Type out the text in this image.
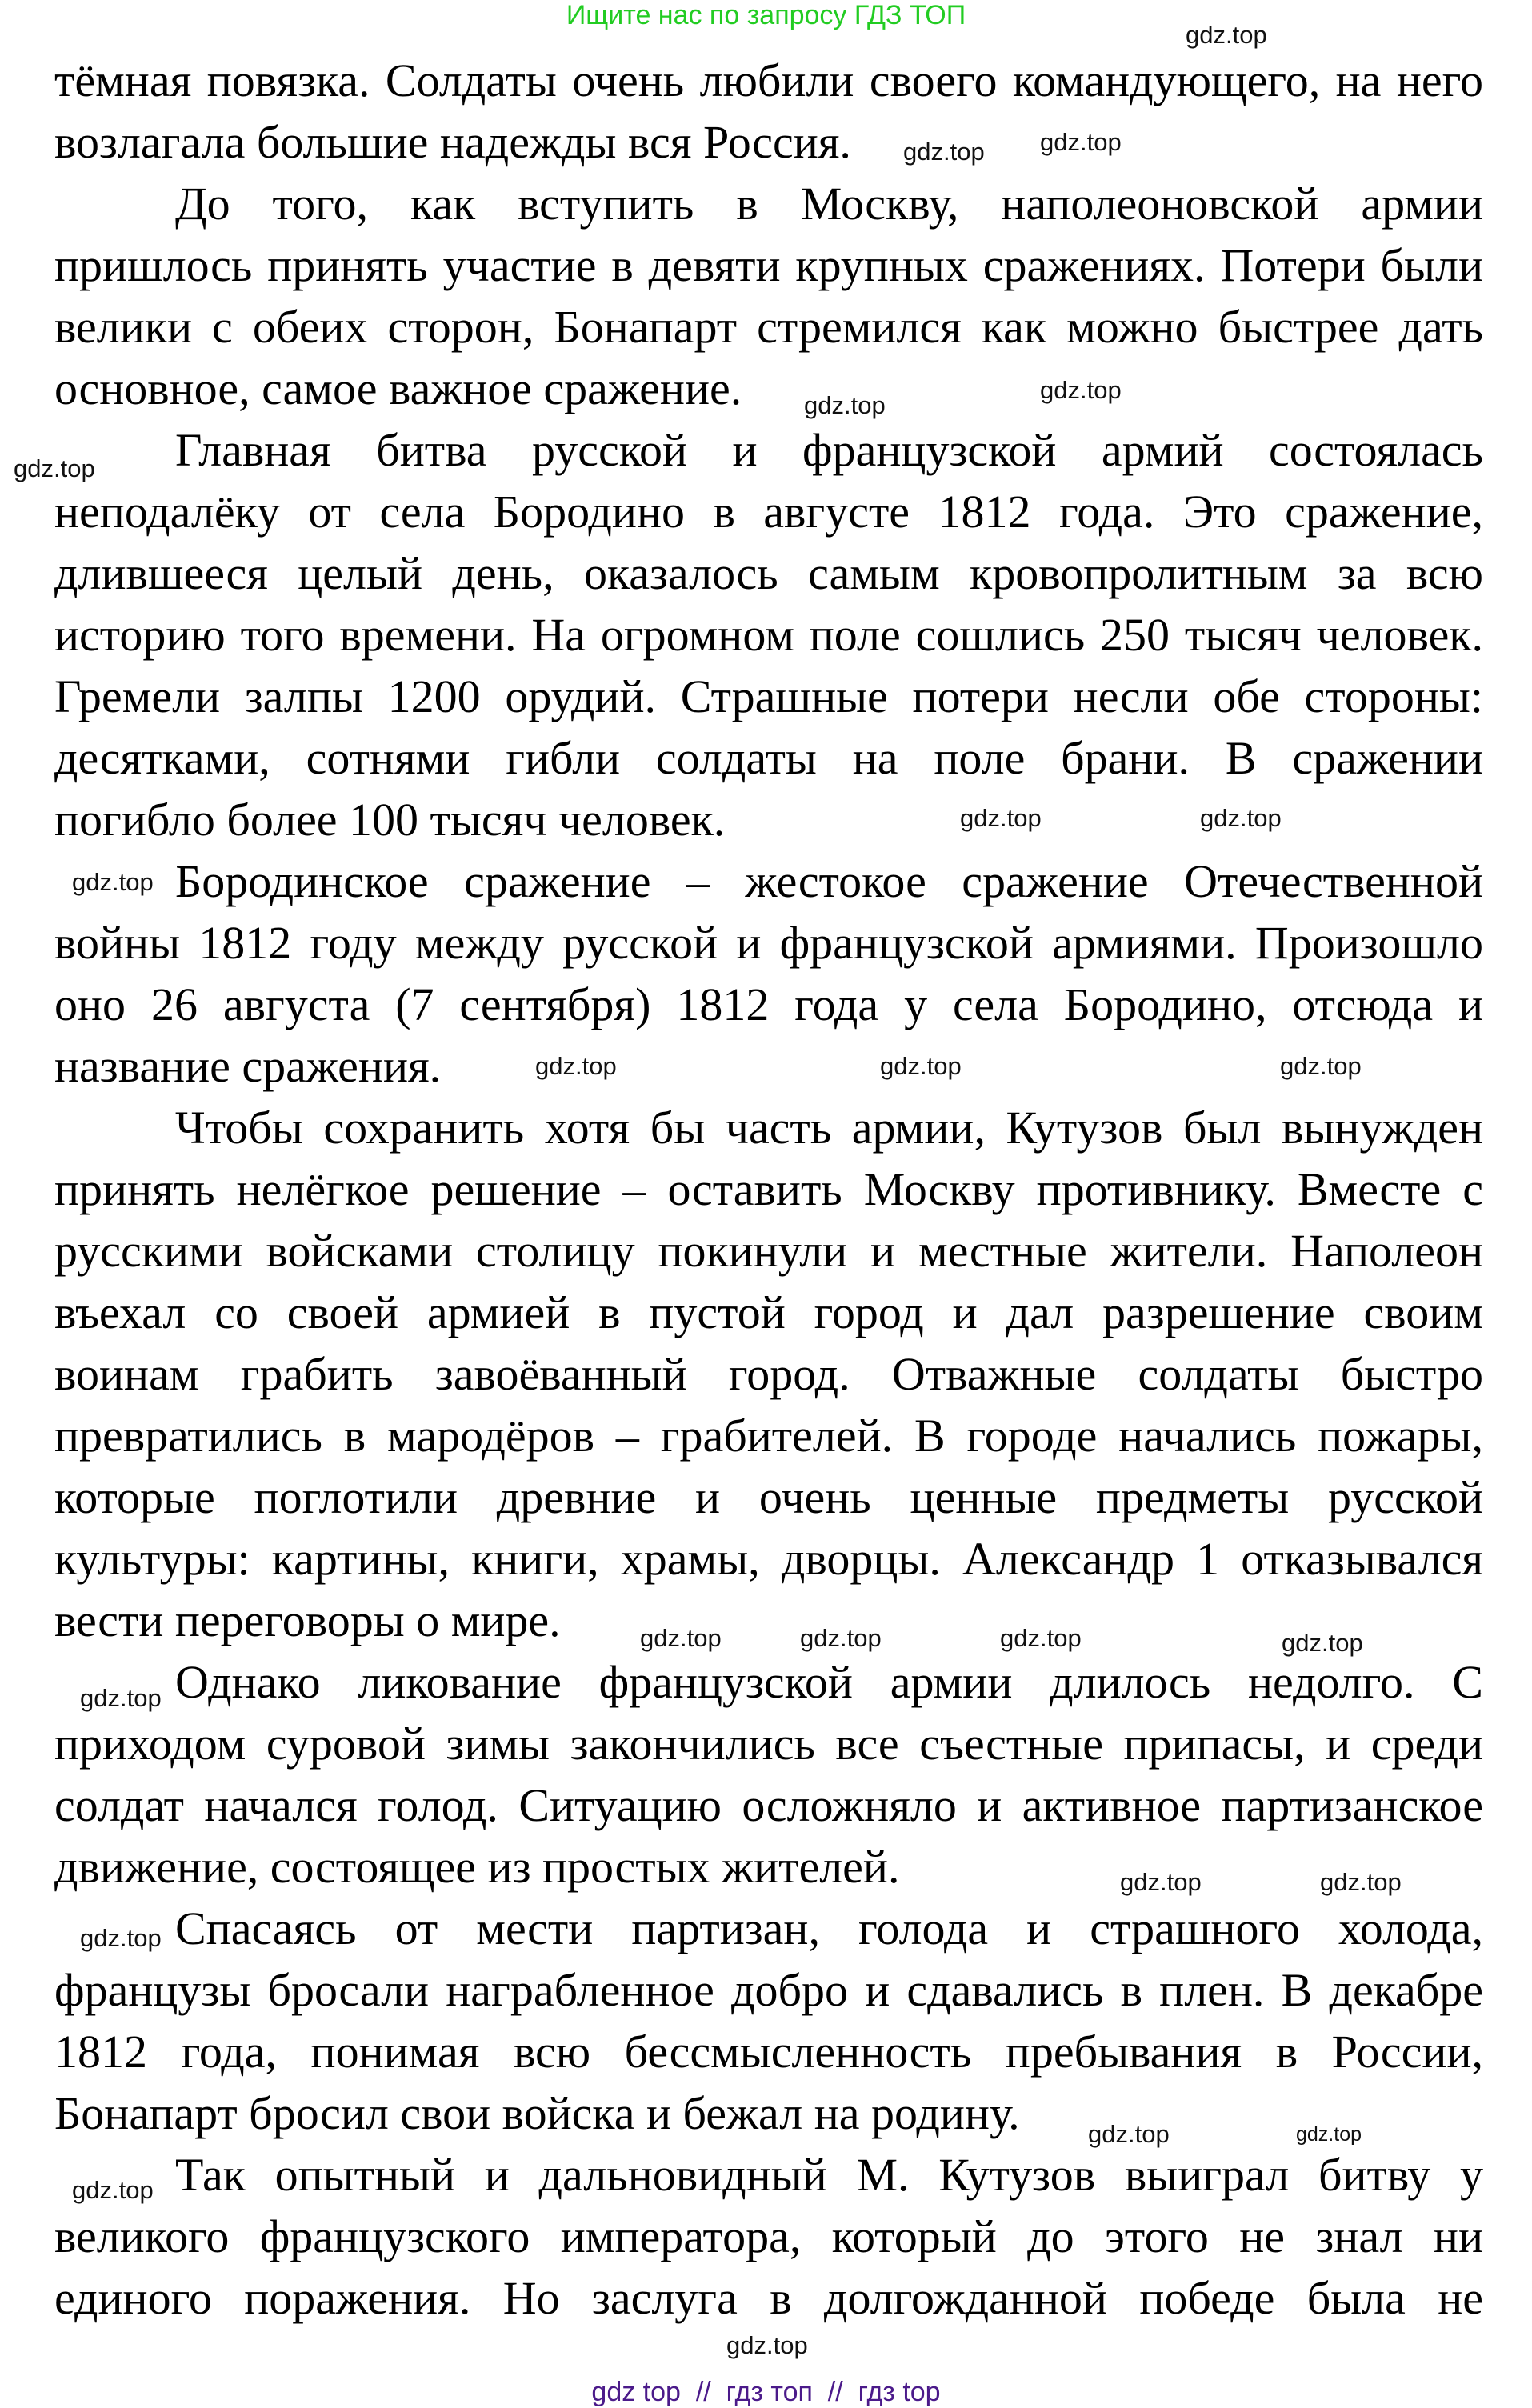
Ищите нас по запросу ГДЗ ТОП
тёмная повязка. Солдаты очень любили своего командующего, на него
возлагала большие надежды вся Россия.
До того, как вступить в Москву, наполеоновской армии
пришлось принять участие в девяти крупных сражениях. Потери были
велики с обеих сторон, Бонапарт стремился как можно быстрее дать
основное, самое важное сражение.
Главная битва русской и французской армий состоялась
неподалёку от села Бородино в августе 1812 года. Это сражение,
длившееся целый день, оказалось самым кровопролитным за всю
историю того времени. На огромном поле сошлись 250 тысяч человек.
Гремели залпы 1200 орудий. Страшные потери несли обе стороны:
десятками, сотнями гибли солдаты на поле брани. В сражении
погибло более 100 тысяч человек.
Бородинское сражение – жестокое сражение Отечественной
войны 1812 году между русской и французской армиями. Произошло
оно 26 августа (7 сентября) 1812 года у села Бородино, отсюда и
название сражения.
Чтобы сохранить хотя бы часть армии, Кутузов был вынужден
принять нелёгкое решение – оставить Москву противнику. Вместе с
русскими войсками столицу покинули и местные жители. Наполеон
въехал со своей армией в пустой город и дал разрешение своим
воинам грабить завоёванный город. Отважные солдаты быстро
превратились в мародёров – грабителей. В городе начались пожары,
которые поглотили древние и очень ценные предметы русской
культуры: картины, книги, храмы, дворцы. Александр 1 отказывался
вести переговоры о мире.
Однако ликование французской армии длилось недолго. С
приходом суровой зимы закончились все съестные припасы, и среди
солдат начался голод. Ситуацию осложняло и активное партизанское
движение, состоящее из простых жителей.
Спасаясь от мести партизан, голода и страшного холода,
французы бросали награбленное добро и сдавались в плен. В декабре
1812 года, понимая всю бессмысленность пребывания в России,
Бонапарт бросил свои войска и бежал на родину.
Так опытный и дальновидный М. Кутузов выиграл битву у
великого французского императора, который до этого не знал ни
единого поражения. Но заслуга в долгожданной победе была не
gdz.top
gdz.top
gdz.top
gdz.top
gdz.top
gdz.top
gdz.top
gdz.top
gdz.top
gdz.top
gdz.top	gdz.top
gdz.top
gdz.top
gdz.top	gdz.top	gdz.top
gdz.top	gdz.top
gdz.top
gdz.top
gdz.top
gdz.top
gdz.top
gdz top  //  гдз топ  //  гдз top
